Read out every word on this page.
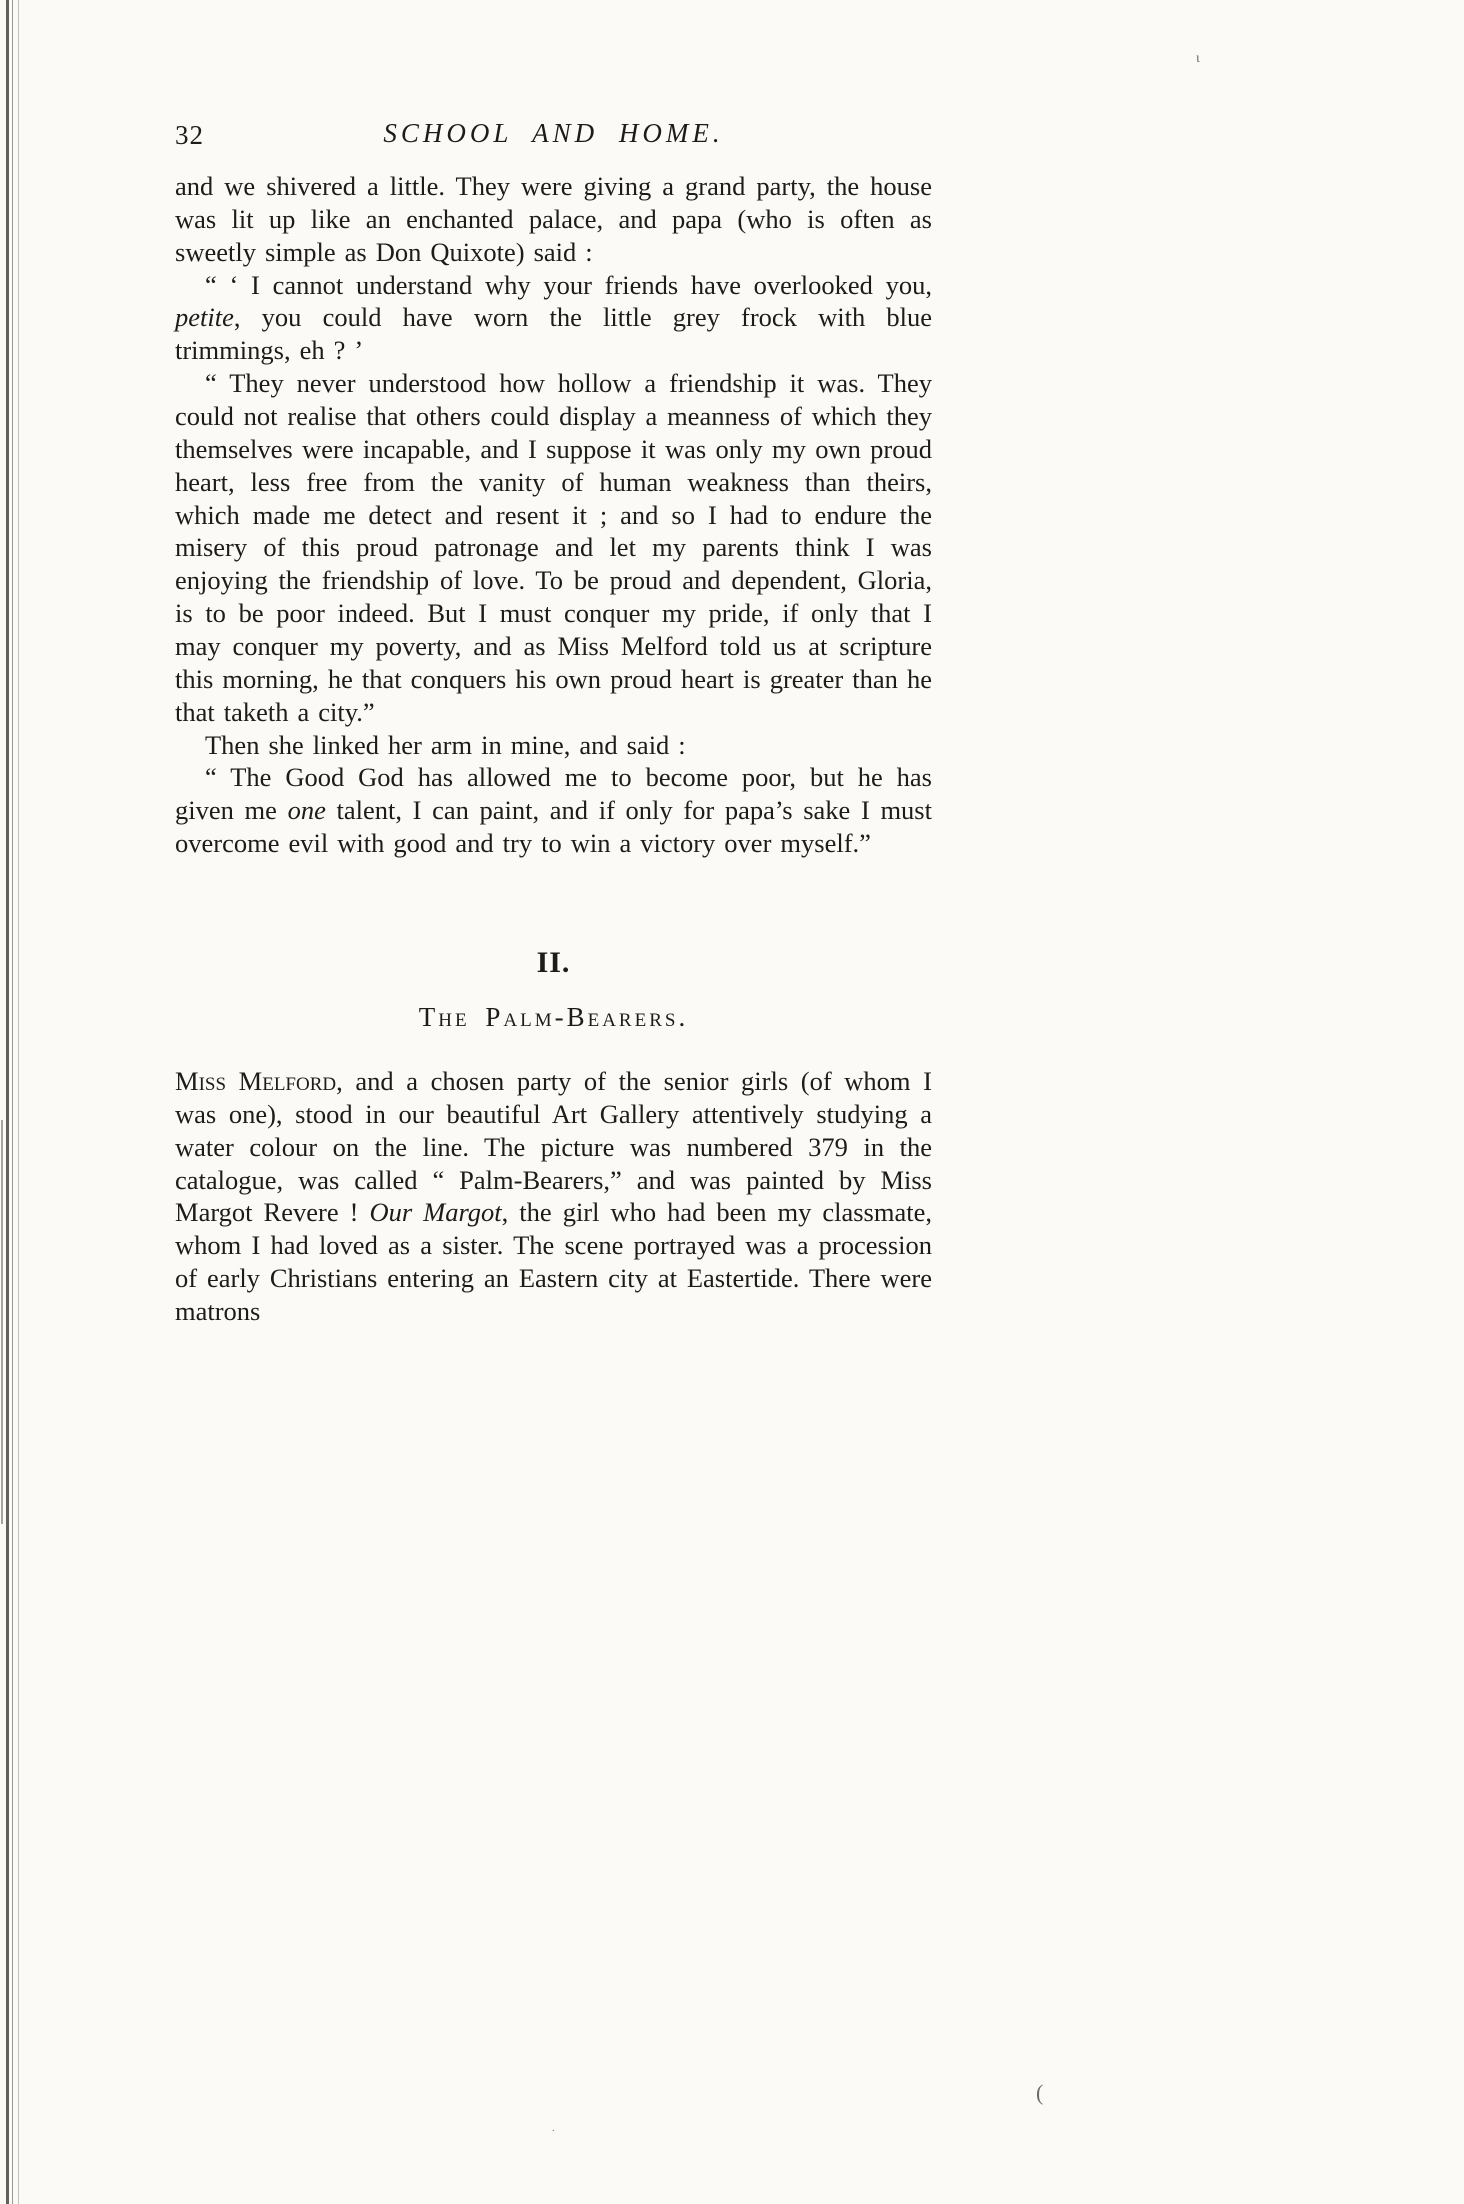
ι
(
.
32	SCHOOL AND HOME.

and we shivered a little. They were giving a grand party, the house was lit up like an enchanted palace, and papa (who is often as sweetly simple as Don Quixote) said :

“ ‘ I cannot understand why your friends have overlooked you, petite, you could have worn the little grey frock with blue trimmings, eh ? ’

“ They never understood how hollow a friendship it was. They could not realise that others could display a meanness of which they themselves were incapable, and I suppose it was only my own proud heart, less free from the vanity of human weakness than theirs, which made me detect and resent it ; and so I had to endure the misery of this proud patronage and let my parents think I was enjoying the friendship of love. To be proud and dependent, Gloria, is to be poor indeed. But I must conquer my pride, if only that I may conquer my poverty, and as Miss Melford told us at scripture this morning, he that conquers his own proud heart is greater than he that taketh a city.”

Then she linked her arm in mine, and said :

“ The Good God has allowed me to become poor, but he has given me one talent, I can paint, and if only for papa’s sake I must overcome evil with good and try to win a victory over myself.”

II.
The Palm-Bearers.

Miss Melford, and a chosen party of the senior girls (of whom I was one), stood in our beautiful Art Gallery attentively studying a water colour on the line. The picture was numbered 379 in the catalogue, was called “ Palm-Bearers,” and was painted by Miss Margot Revere ! Our Margot, the girl who had been my classmate, whom I had loved as a sister. The scene portrayed was a procession of early Christians entering an Eastern city at Eastertide. There were matrons
